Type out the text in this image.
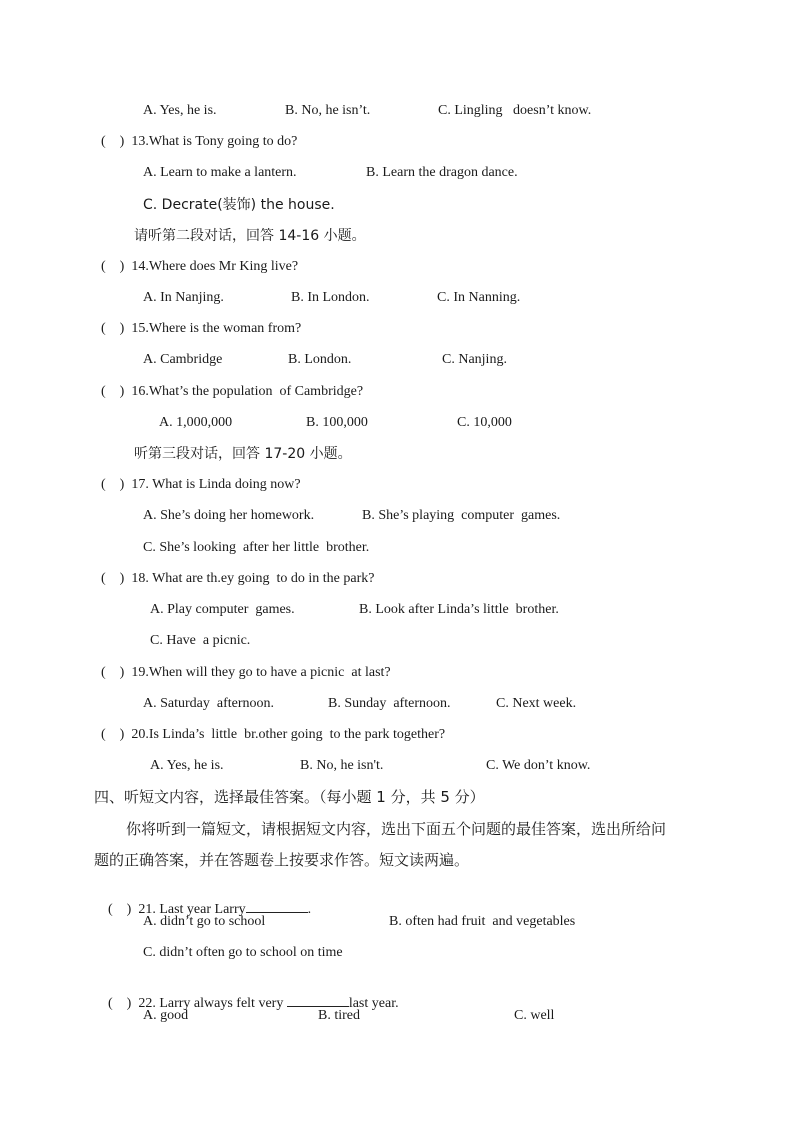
A. Yes, he is.	B. No, he isn’t.	C. Lingling   doesn’t know.
(    )  13.What is Tony going to do?
A. Learn to make a lantern.	B. Learn the dragon dance.
C. Decrate(装饰) the house.
请听第二段对话，回答 14-16 小题。
(    )  14.Where does Mr King live?
A. In Nanjing.	B. In London.	C. In Nanning.
(    )  15.Where is the woman from?
A. Cambridge	B. London.	C. Nanjing.
(    )  16.What’s the population  of Cambridge?
A. 1,000,000	B. 100,000	C. 10,000
听第三段对话，回答 17-20 小题。
(    )  17. What is Linda doing now?
A. She’s doing her homework.	B. She’s playing  computer  games.
C. She’s looking  after her little  brother.
(    )  18. What are th.ey going  to do in the park?
A. Play computer  games.	B. Look after Linda’s little  brother.
C. Have  a picnic.
(    )  19.When will they go to have a picnic  at last?
A. Saturday  afternoon.	B. Sunday  afternoon.	C. Next week.
(    )  20.Is Linda’s  little  br.other going  to the park together?
A. Yes, he is.	B. No, he isn't.	C. We don’t know.
四、听短文内容，选择最佳答案。（每小题 1 分，共 5 分）
你将听到一篇短文，请根据短文内容，选出下面五个问题的最佳答案，选出所给问
题的正确答案，并在答题卷上按要求作答。短文读两遍。

(    )  21. Last year Larry	.

A. didn’t go to school	B. often had fruit  and vegetables
C. didn’t often go to school on time

(    )  22. Larry always felt very	last year.

A. good	B. tired	C. well
